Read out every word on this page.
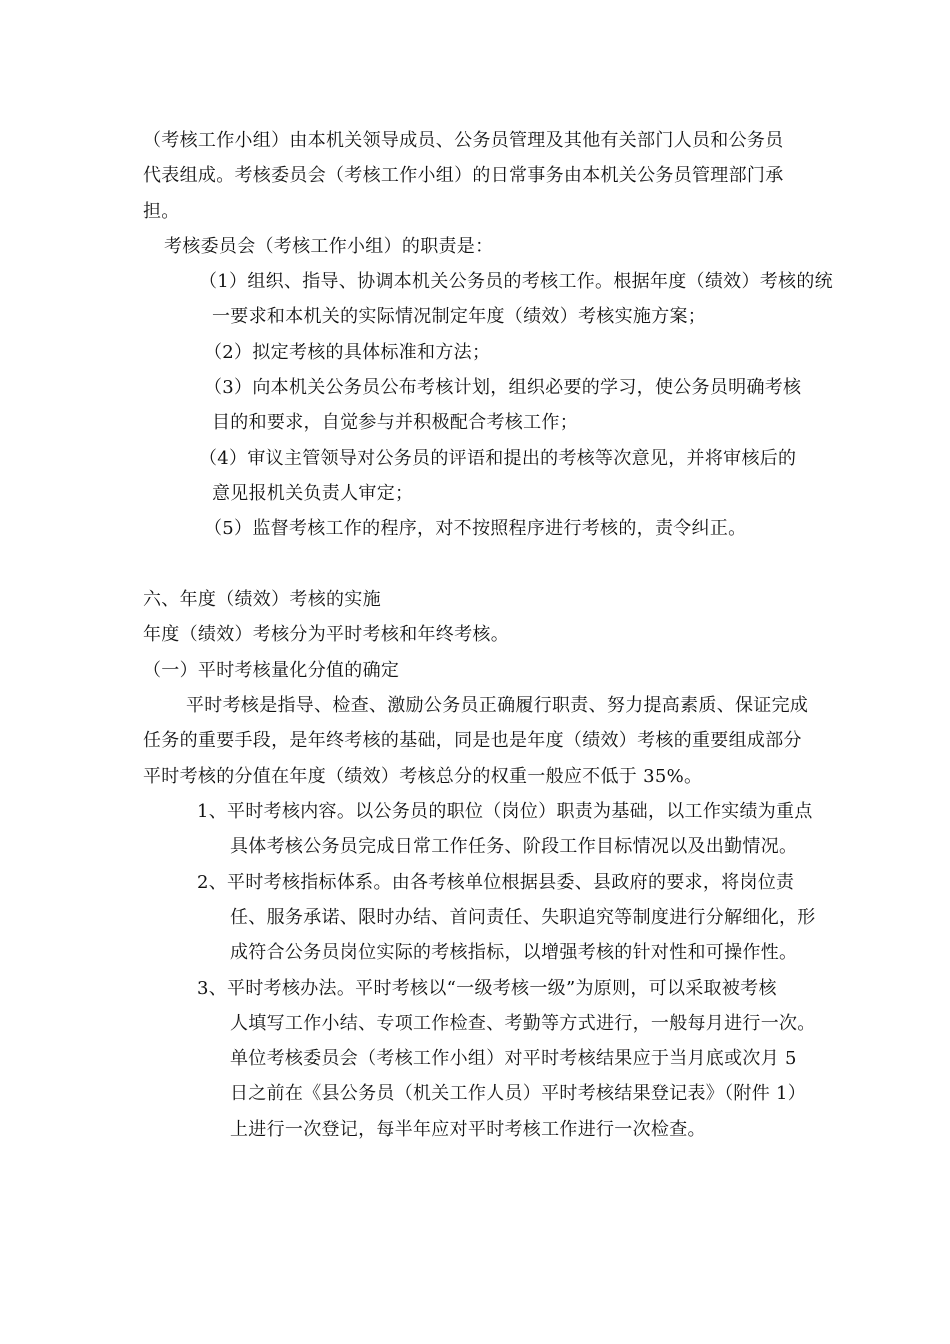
（考核工作小组）由本机关领导成员、公务员管理及其他有关部门人员和公务员
代表组成。考核委员会（考核工作小组）的日常事务由本机关公务员管理部门承
担。
考核委员会（考核工作小组）的职责是：
（1）组织、指导、协调本机关公务员的考核工作。根据年度（绩效）考核的统
一要求和本机关的实际情况制定年度（绩效）考核实施方案；
（2）拟定考核的具体标准和方法；
（3）向本机关公务员公布考核计划，组织必要的学习，使公务员明确考核
目的和要求，自觉参与并积极配合考核工作；
（4）审议主管领导对公务员的评语和提出的考核等次意见，并将审核后的
意见报机关负责人审定；
（5）监督考核工作的程序，对不按照程序进行考核的，责令纠正。
六、年度（绩效）考核的实施
年度（绩效）考核分为平时考核和年终考核。
（一）平时考核量化分值的确定
平时考核是指导、检查、激励公务员正确履行职责、努力提高素质、保证完成
任务的重要手段，是年终考核的基础，同是也是年度（绩效）考核的重要组成部分
平时考核的分值在年度（绩效）考核总分的权重一般应不低于 35%。
1、平时考核内容。以公务员的职位（岗位）职责为基础，以工作实绩为重点
具体考核公务员完成日常工作任务、阶段工作目标情况以及出勤情况。
2、平时考核指标体系。由各考核单位根据县委、县政府的要求，将岗位责
任、服务承诺、限时办结、首问责任、失职追究等制度进行分解细化，形
成符合公务员岗位实际的考核指标，以增强考核的针对性和可操作性。
3、平时考核办法。平时考核以“一级考核一级”为原则，可以采取被考核
人填写工作小结、专项工作检查、考勤等方式进行，一般每月进行一次。
单位考核委员会（考核工作小组）对平时考核结果应于当月底或次月 5
日之前在《县公务员（机关工作人员）平时考核结果登记表》（附件 1）
上进行一次登记，每半年应对平时考核工作进行一次检查。
